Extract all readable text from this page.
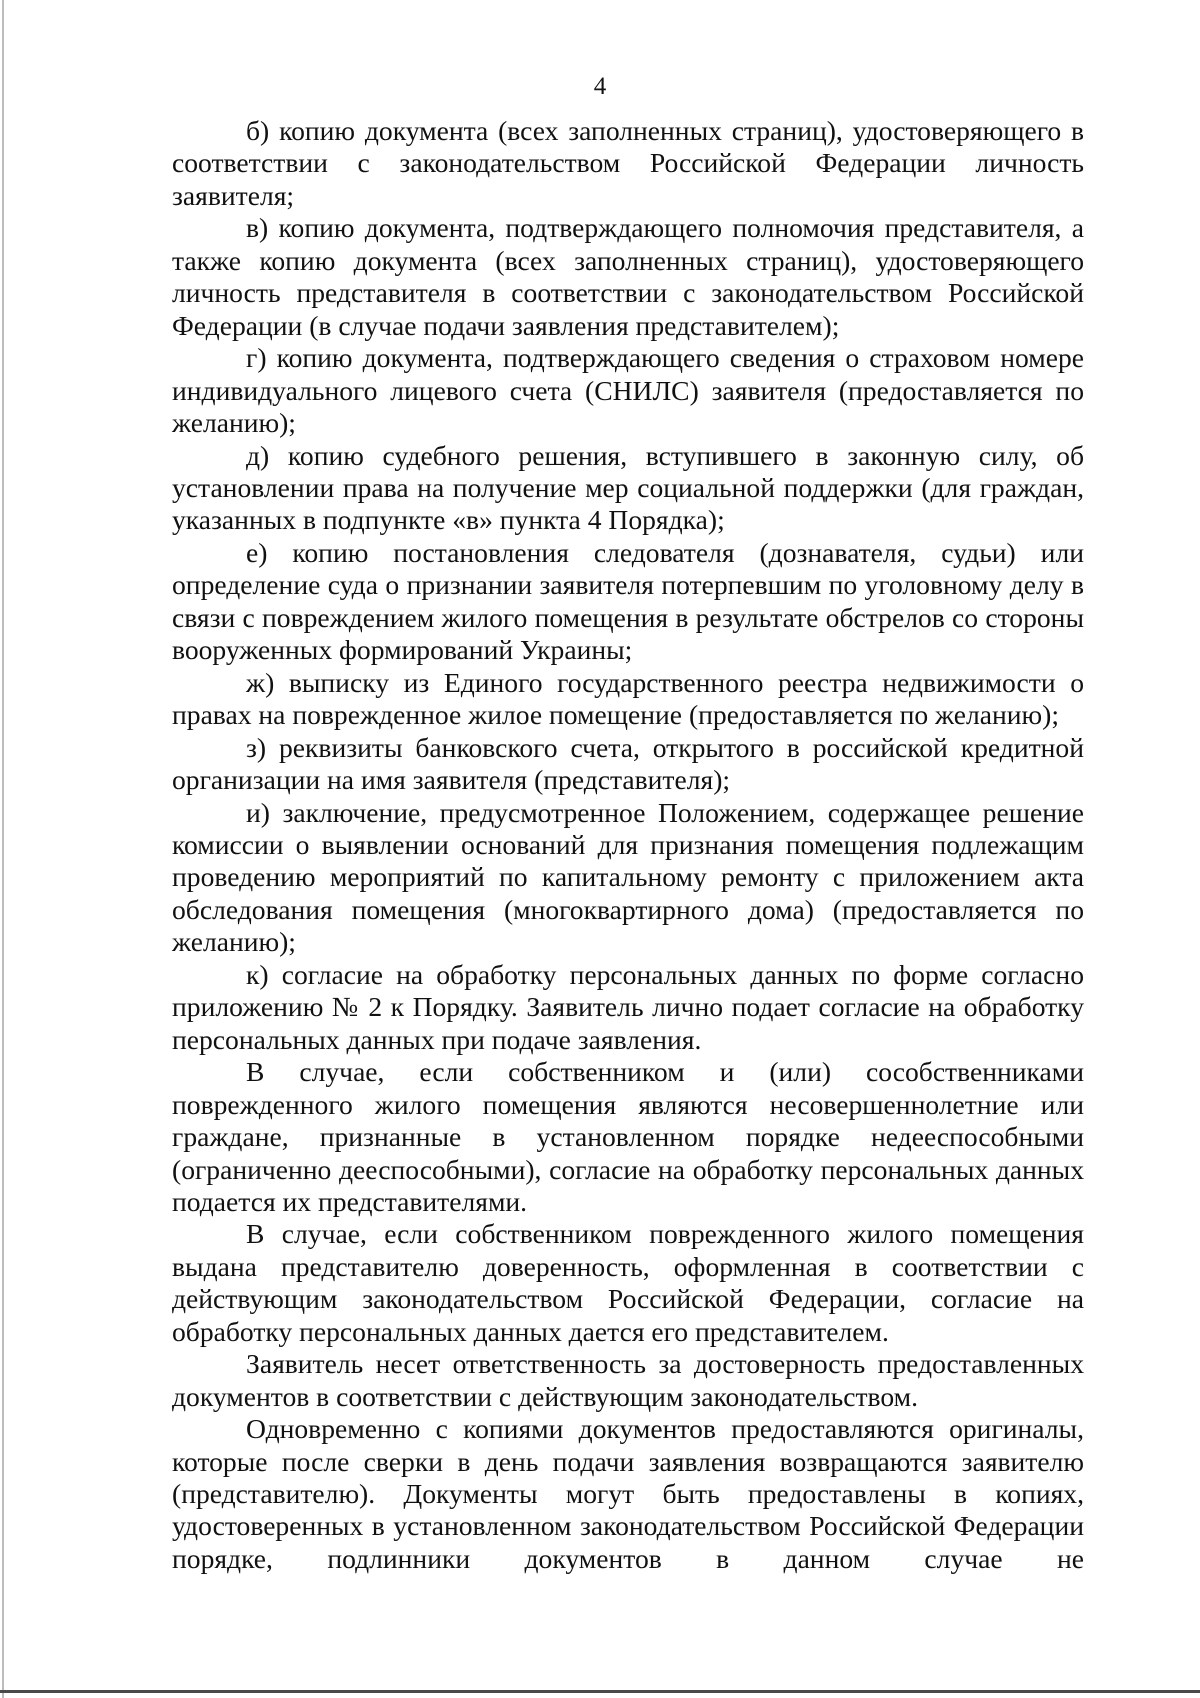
4

б) копию документа (всех заполненных страниц), удостоверяющего в соответствии с законодательством Российской Федерации личность заявителя;

в) копию документа, подтверждающего полномочия представителя, а также копию документа (всех заполненных страниц), удостоверяющего личность представителя в соответствии с законодательством Российской Федерации (в случае подачи заявления представителем);

г) копию документа, подтверждающего сведения о страховом номере индивидуального лицевого счета (СНИЛС) заявителя (предоставляется по желанию);

д) копию судебного решения, вступившего в законную силу, об установлении права на получение мер социальной поддержки (для граждан, указанных в подпункте «в» пункта 4 Порядка);

е) копию постановления следователя (дознавателя, судьи) или определение суда о признании заявителя потерпевшим по уголовному делу в связи с повреждением жилого помещения в результате обстрелов со стороны вооруженных формирований Украины;

ж) выписку из Единого государственного реестра недвижимости о правах на поврежденное жилое помещение (предоставляется по желанию);

з) реквизиты банковского счета, открытого в российской кредитной организации на имя заявителя (представителя);

и) заключение, предусмотренное Положением, содержащее решение комиссии о выявлении оснований для признания помещения подлежащим проведению мероприятий по капитальному ремонту с приложением акта обследования помещения (многоквартирного дома) (предоставляется по желанию);

к) согласие на обработку персональных данных по форме согласно приложению № 2 к Порядку. Заявитель лично подает согласие на обработку персональных данных при подаче заявления.

В случае, если собственником и (или) сособственниками поврежденного жилого помещения являются несовершеннолетние или граждане, признанные в установленном порядке недееспособными (ограниченно дееспособными), согласие на обработку персональных данных подается их представителями.

В случае, если собственником поврежденного жилого помещения выдана представителю доверенность, оформленная в соответствии с действующим законодательством Российской Федерации, согласие на обработку персональных данных дается его представителем.

Заявитель несет ответственность за достоверность предоставленных документов в соответствии с действующим законодательством.

Одновременно с копиями документов предоставляются оригиналы, которые после сверки в день подачи заявления возвращаются заявителю (представителю). Документы могут быть предоставлены в копиях, удостоверенных в установленном законодательством Российской Федерации порядке, подлинники документов в данном случае не
